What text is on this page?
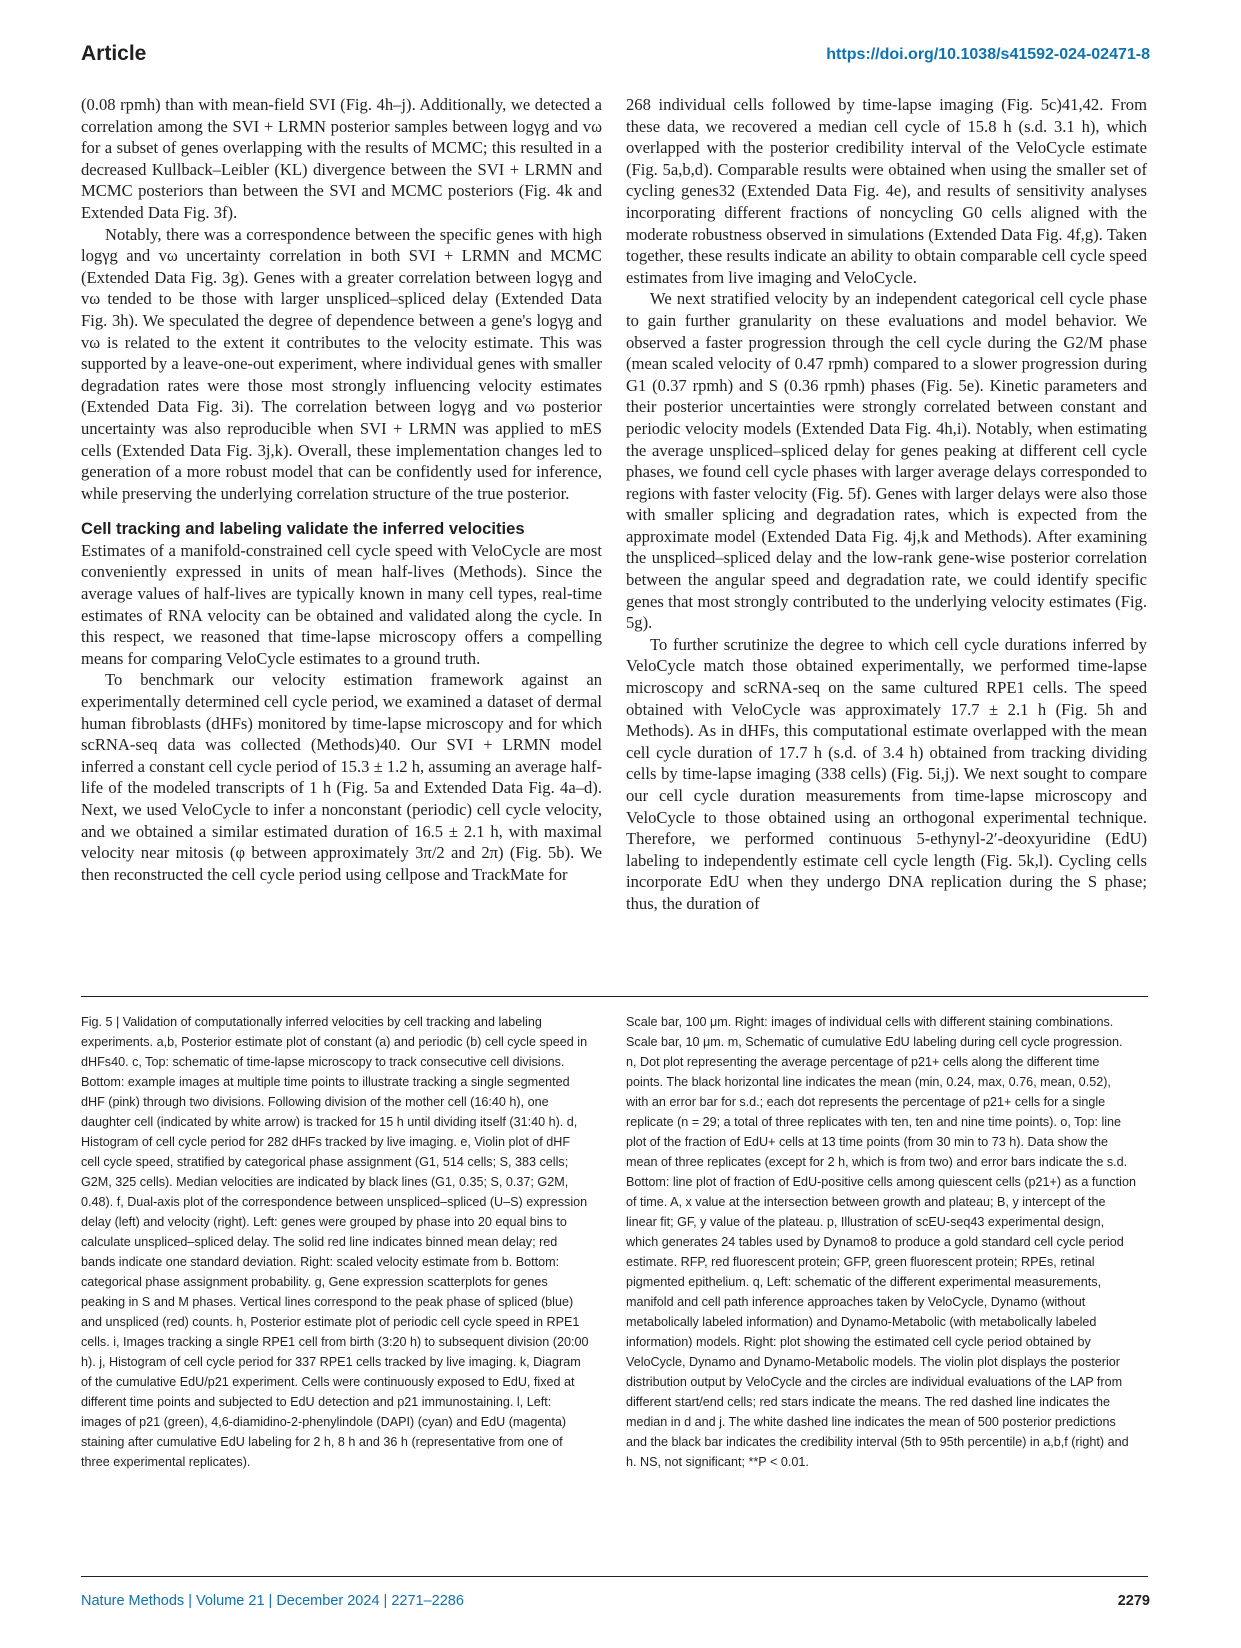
Article	https://doi.org/10.1038/s41592-024-02471-8

(0.08 rpmh) than with mean-field SVI (Fig. 4h–j). Additionally, we detected a correlation among the SVI + LRMN posterior samples between logγg and vω for a subset of genes overlapping with the results of MCMC; this resulted in a decreased Kullback–Leibler (KL) divergence between the SVI + LRMN and MCMC posteriors than between the SVI and MCMC posteriors (Fig. 4k and Extended Data Fig. 3f).

Notably, there was a correspondence between the specific genes with high logγg and vω uncertainty correlation in both SVI + LRMN and MCMC (Extended Data Fig. 3g). Genes with a greater correlation between logγg and vω tended to be those with larger unspliced–spliced delay (Extended Data Fig. 3h). We speculated the degree of dependence between a gene's logγg and vω is related to the extent it contributes to the velocity estimate. This was supported by a leave-one-out experiment, where individual genes with smaller degradation rates were those most strongly influencing velocity estimates (Extended Data Fig. 3i). The correlation between logγg and vω posterior uncertainty was also reproducible when SVI + LRMN was applied to mES cells (Extended Data Fig. 3j,k). Overall, these implementation changes led to generation of a more robust model that can be confidently used for inference, while preserving the underlying correlation structure of the true posterior.

Cell tracking and labeling validate the inferred velocities

Estimates of a manifold-constrained cell cycle speed with VeloCycle are most conveniently expressed in units of mean half-lives (Methods). Since the average values of half-lives are typically known in many cell types, real-time estimates of RNA velocity can be obtained and validated along the cycle. In this respect, we reasoned that time-lapse microscopy offers a compelling means for comparing VeloCycle estimates to a ground truth.

To benchmark our velocity estimation framework against an experimentally determined cell cycle period, we examined a dataset of dermal human fibroblasts (dHFs) monitored by time-lapse microscopy and for which scRNA-seq data was collected (Methods)40. Our SVI + LRMN model inferred a constant cell cycle period of 15.3 ± 1.2 h, assuming an average half-life of the modeled transcripts of 1 h (Fig. 5a and Extended Data Fig. 4a–d). Next, we used VeloCycle to infer a nonconstant (periodic) cell cycle velocity, and we obtained a similar estimated duration of 16.5 ± 2.1 h, with maximal velocity near mitosis (φ between approximately 3π/2 and 2π) (Fig. 5b). We then reconstructed the cell cycle period using cellpose and TrackMate for

268 individual cells followed by time-lapse imaging (Fig. 5c)41,42. From these data, we recovered a median cell cycle of 15.8 h (s.d. 3.1 h), which overlapped with the posterior credibility interval of the VeloCycle estimate (Fig. 5a,b,d). Comparable results were obtained when using the smaller set of cycling genes32 (Extended Data Fig. 4e), and results of sensitivity analyses incorporating different fractions of noncycling G0 cells aligned with the moderate robustness observed in simulations (Extended Data Fig. 4f,g). Taken together, these results indicate an ability to obtain comparable cell cycle speed estimates from live imaging and VeloCycle.

We next stratified velocity by an independent categorical cell cycle phase to gain further granularity on these evaluations and model behavior. We observed a faster progression through the cell cycle during the G2/M phase (mean scaled velocity of 0.47 rpmh) compared to a slower progression during G1 (0.37 rpmh) and S (0.36 rpmh) phases (Fig. 5e). Kinetic parameters and their posterior uncertainties were strongly correlated between constant and periodic velocity models (Extended Data Fig. 4h,i). Notably, when estimating the average unspliced–spliced delay for genes peaking at different cell cycle phases, we found cell cycle phases with larger average delays corresponded to regions with faster velocity (Fig. 5f). Genes with larger delays were also those with smaller splicing and degradation rates, which is expected from the approximate model (Extended Data Fig. 4j,k and Methods). After examining the unspliced–spliced delay and the low-rank gene-wise posterior correlation between the angular speed and degradation rate, we could identify specific genes that most strongly contributed to the underlying velocity estimates (Fig. 5g).

To further scrutinize the degree to which cell cycle durations inferred by VeloCycle match those obtained experimentally, we performed time-lapse microscopy and scRNA-seq on the same cultured RPE1 cells. The speed obtained with VeloCycle was approximately 17.7 ± 2.1 h (Fig. 5h and Methods). As in dHFs, this computational estimate overlapped with the mean cell cycle duration of 17.7 h (s.d. of 3.4 h) obtained from tracking dividing cells by time-lapse imaging (338 cells) (Fig. 5i,j). We next sought to compare our cell cycle duration measurements from time-lapse microscopy and VeloCycle to those obtained using an orthogonal experimental technique. Therefore, we performed continuous 5-ethynyl-2′-deoxyuridine (EdU) labeling to independently estimate cell cycle length (Fig. 5k,l). Cycling cells incorporate EdU when they undergo DNA replication during the S phase; thus, the duration of

Fig. 5 | Validation of computationally inferred velocities by cell tracking and labeling experiments. a,b, Posterior estimate plot of constant (a) and periodic (b) cell cycle speed in dHFs40. c, Top: schematic of time-lapse microscopy to track consecutive cell divisions. Bottom: example images at multiple time points to illustrate tracking a single segmented dHF (pink) through two divisions. Following division of the mother cell (16:40 h), one daughter cell (indicated by white arrow) is tracked for 15 h until dividing itself (31:40 h). d, Histogram of cell cycle period for 282 dHFs tracked by live imaging. e, Violin plot of dHF cell cycle speed, stratified by categorical phase assignment (G1, 514 cells; S, 383 cells; G2M, 325 cells). Median velocities are indicated by black lines (G1, 0.35; S, 0.37; G2M, 0.48). f, Dual-axis plot of the correspondence between unspliced–spliced (U–S) expression delay (left) and velocity (right). Left: genes were grouped by phase into 20 equal bins to calculate unspliced–spliced delay. The solid red line indicates binned mean delay; red bands indicate one standard deviation. Right: scaled velocity estimate from b. Bottom: categorical phase assignment probability. g, Gene expression scatterplots for genes peaking in S and M phases. Vertical lines correspond to the peak phase of spliced (blue) and unspliced (red) counts. h, Posterior estimate plot of periodic cell cycle speed in RPE1 cells. i, Images tracking a single RPE1 cell from birth (3:20 h) to subsequent division (20:00 h). j, Histogram of cell cycle period for 337 RPE1 cells tracked by live imaging. k, Diagram of the cumulative EdU/p21 experiment. Cells were continuously exposed to EdU, fixed at different time points and subjected to EdU detection and p21 immunostaining. l, Left: images of p21 (green), 4,6-diamidino-2-phenylindole (DAPI) (cyan) and EdU (magenta) staining after cumulative EdU labeling for 2 h, 8 h and 36 h (representative from one of three experimental replicates).

Scale bar, 100 μm. Right: images of individual cells with different staining combinations. Scale bar, 10 μm. m, Schematic of cumulative EdU labeling during cell cycle progression. n, Dot plot representing the average percentage of p21+ cells along the different time points. The black horizontal line indicates the mean (min, 0.24, max, 0.76, mean, 0.52), with an error bar for s.d.; each dot represents the percentage of p21+ cells for a single replicate (n = 29; a total of three replicates with ten, ten and nine time points). o, Top: line plot of the fraction of EdU+ cells at 13 time points (from 30 min to 73 h). Data show the mean of three replicates (except for 2 h, which is from two) and error bars indicate the s.d. Bottom: line plot of fraction of EdU-positive cells among quiescent cells (p21+) as a function of time. A, x value at the intersection between growth and plateau; B, y intercept of the linear fit; GF, y value of the plateau. p, Illustration of scEU-seq43 experimental design, which generates 24 tables used by Dynamo8 to produce a gold standard cell cycle period estimate. RFP, red fluorescent protein; GFP, green fluorescent protein; RPEs, retinal pigmented epithelium. q, Left: schematic of the different experimental measurements, manifold and cell path inference approaches taken by VeloCycle, Dynamo (without metabolically labeled information) and Dynamo-Metabolic (with metabolically labeled information) models. Right: plot showing the estimated cell cycle period obtained by VeloCycle, Dynamo and Dynamo-Metabolic models. The violin plot displays the posterior distribution output by VeloCycle and the circles are individual evaluations of the LAP from different start/end cells; red stars indicate the means. The red dashed line indicates the median in d and j. The white dashed line indicates the mean of 500 posterior predictions and the black bar indicates the credibility interval (5th to 95th percentile) in a,b,f (right) and h. NS, not significant; **P < 0.01.

Nature Methods | Volume 21 | December 2024 | 2271–2286	2279
